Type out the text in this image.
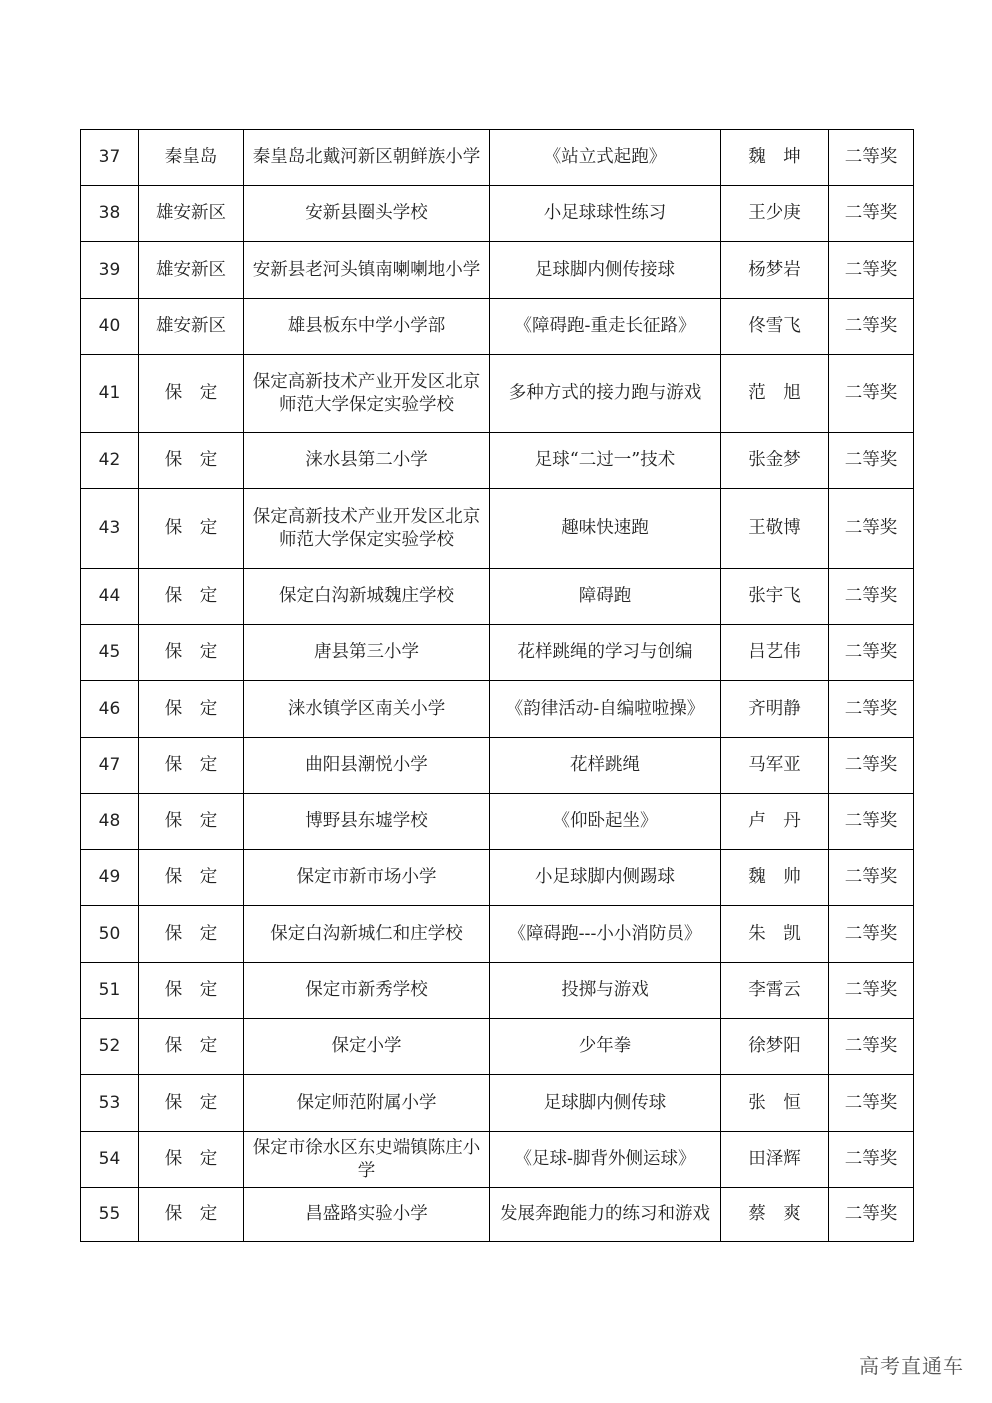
37	秦皇岛	秦皇岛北戴河新区朝鲜族小学	《站立式起跑》	魏　坤	二等奖
38	雄安新区	安新县圈头学校	小足球球性练习	王少庚	二等奖
39	雄安新区	安新县老河头镇南喇喇地小学	足球脚内侧传接球	杨梦岩	二等奖
40	雄安新区	雄县板东中学小学部	《障碍跑-重走长征路》	佟雪飞	二等奖
41	保　定	保定高新技术产业开发区北京师范大学保定实验学校	多种方式的接力跑与游戏	范　旭	二等奖
42	保　定	涞水县第二小学	足球“二过一”技术	张金梦	二等奖
43	保　定	保定高新技术产业开发区北京师范大学保定实验学校	趣味快速跑	王敬博	二等奖
44	保　定	保定白沟新城魏庄学校	障碍跑	张宇飞	二等奖
45	保　定	唐县第三小学	花样跳绳的学习与创编	吕艺伟	二等奖
46	保　定	涞水镇学区南关小学	《韵律活动-自编啦啦操》	齐明静	二等奖
47	保　定	曲阳县潮悦小学	花样跳绳	马军亚	二等奖
48	保　定	博野县东墟学校	《仰卧起坐》	卢　丹	二等奖
49	保　定	保定市新市场小学	小足球脚内侧踢球	魏　帅	二等奖
50	保　定	保定白沟新城仁和庄学校	《障碍跑---小小消防员》	朱　凯	二等奖
51	保　定	保定市新秀学校	投掷与游戏	李霄云	二等奖
52	保　定	保定小学	少年拳	徐梦阳	二等奖
53	保　定	保定师范附属小学	足球脚内侧传球	张　恒	二等奖
54	保　定	保定市徐水区东史端镇陈庄小学	《足球-脚背外侧运球》	田泽辉	二等奖
55	保　定	昌盛路实验小学	发展奔跑能力的练习和游戏	蔡　爽	二等奖
高考直通车
